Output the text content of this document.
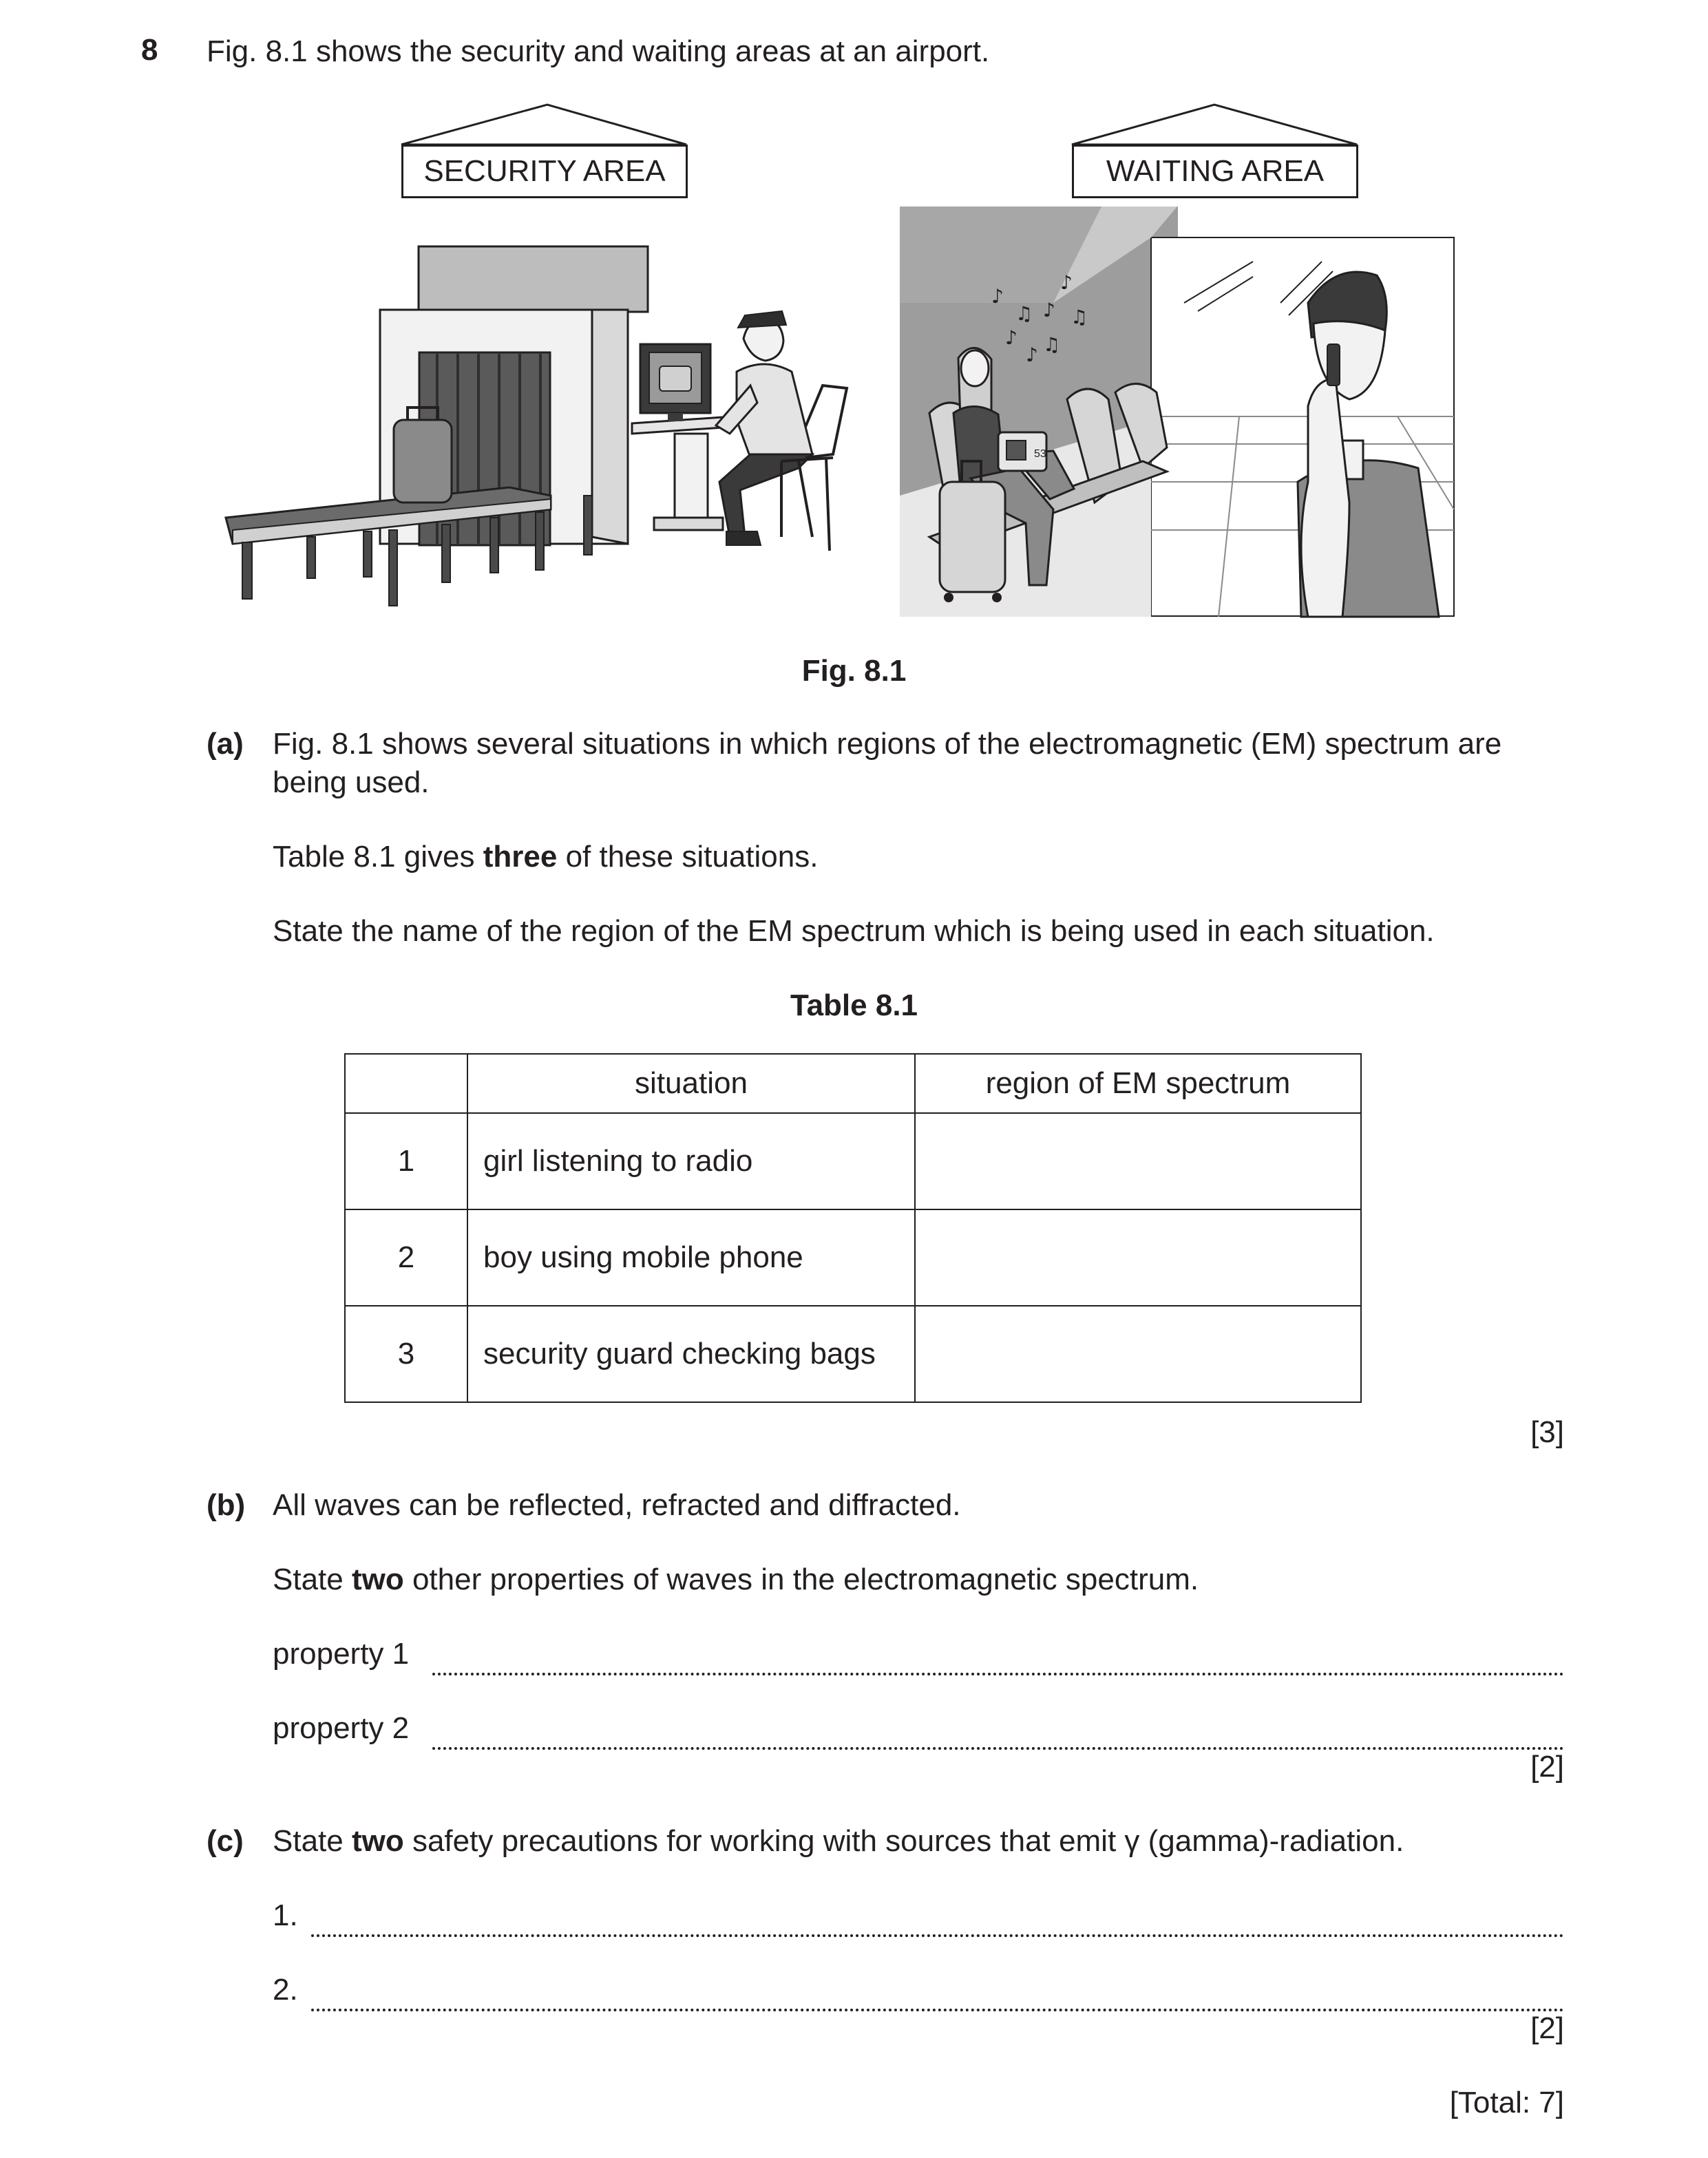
8 Fig. 8.1 shows the security and waiting areas at an airport.
53
♪
♫ ♪
♪
♫
♪
♪ ♫
SECURITY AREA	WAITING AREA
Fig. 8.1
(a) Fig. 8.1 shows several situations in which regions of the electromagnetic (EM) spectrum are
being used.
Table 8.1 gives three of these situations.
State the name of the region of the EM spectrum which is being used in each situation.
Table 8.1
	situation	region of EM spectrum
1	girl listening to radio	
2	boy using mobile phone	
3	security guard checking bags	
[3]
(b) All waves can be reflected, refracted and diffracted.
State two other properties of waves in the electromagnetic spectrum.
property 1
property 2
[2]
(c) State two safety precautions for working with sources that emit γ (gamma)-radiation.
1.
2.
[2]
[Total: 7]
